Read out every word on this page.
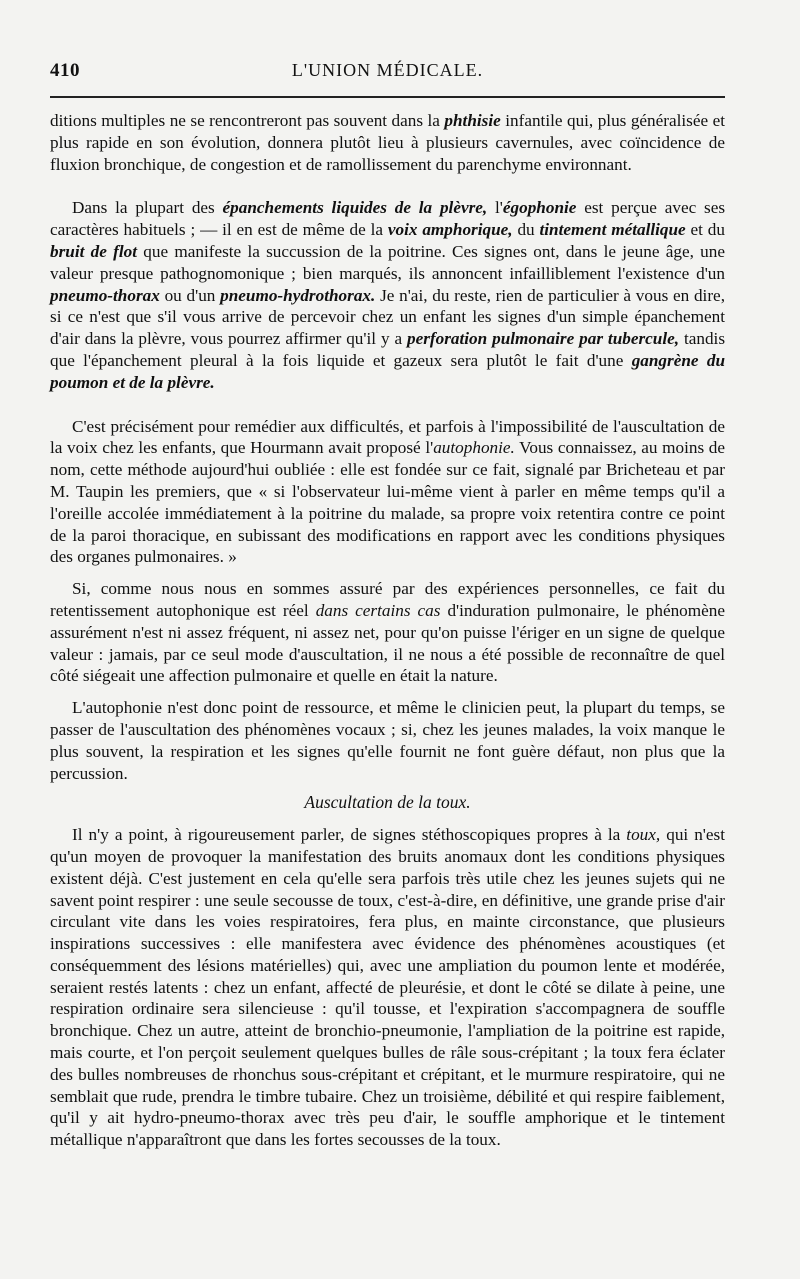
410	L'UNION MÉDICALE.

ditions multiples ne se rencontreront pas souvent dans la phthisie infantile qui, plus généralisée et plus rapide en son évolution, donnera plutôt lieu à plusieurs cavernules, avec coïncidence de fluxion bronchique, de congestion et de ramollissement du parenchyme environnant.

Dans la plupart des épanchements liquides de la plèvre, l'égophonie est perçue avec ses caractères habituels ; — il en est de même de la voix amphorique, du tintement métallique et du bruit de flot que manifeste la succussion de la poitrine. Ces signes ont, dans le jeune âge, une valeur presque pathognomonique ; bien marqués, ils annoncent infailliblement l'existence d'un pneumo-thorax ou d'un pneumo-hydrothorax. Je n'ai, du reste, rien de particulier à vous en dire, si ce n'est que s'il vous arrive de percevoir chez un enfant les signes d'un simple épanchement d'air dans la plèvre, vous pourrez affirmer qu'il y a perforation pulmonaire par tubercule, tandis que l'épanchement pleural à la fois liquide et gazeux sera plutôt le fait d'une gangrène du poumon et de la plèvre.

C'est précisément pour remédier aux difficultés, et parfois à l'impossibilité de l'auscultation de la voix chez les enfants, que Hourmann avait proposé l'autophonie. Vous connaissez, au moins de nom, cette méthode aujourd'hui oubliée : elle est fondée sur ce fait, signalé par Bricheteau et par M. Taupin les premiers, que « si l'observateur lui-même vient à parler en même temps qu'il a l'oreille accolée immédiatement à la poitrine du malade, sa propre voix retentira contre ce point de la paroi thoracique, en subissant des modifications en rapport avec les conditions physiques des organes pulmonaires. »

Si, comme nous nous en sommes assuré par des expériences personnelles, ce fait du retentissement autophonique est réel dans certains cas d'induration pulmonaire, le phénomène assurément n'est ni assez fréquent, ni assez net, pour qu'on puisse l'ériger en un signe de quelque valeur : jamais, par ce seul mode d'auscultation, il ne nous a été possible de reconnaître de quel côté siégeait une affection pulmonaire et quelle en était la nature.

L'autophonie n'est donc point de ressource, et même le clinicien peut, la plupart du temps, se passer de l'auscultation des phénomènes vocaux ; si, chez les jeunes malades, la voix manque le plus souvent, la respiration et les signes qu'elle fournit ne font guère défaut, non plus que la percussion.

Auscultation de la toux.

Il n'y a point, à rigoureusement parler, de signes stéthoscopiques propres à la toux, qui n'est qu'un moyen de provoquer la manifestation des bruits anomaux dont les conditions physiques existent déjà. C'est justement en cela qu'elle sera parfois très utile chez les jeunes sujets qui ne savent point respirer : une seule secousse de toux, c'est-à-dire, en définitive, une grande prise d'air circulant vite dans les voies respiratoires, fera plus, en mainte circonstance, que plusieurs inspirations successives : elle manifestera avec évidence des phénomènes acoustiques (et conséquemment des lésions matérielles) qui, avec une ampliation du poumon lente et modérée, seraient restés latents : chez un enfant, affecté de pleurésie, et dont le côté se dilate à peine, une respiration ordinaire sera silencieuse : qu'il tousse, et l'expiration s'accompagnera de souffle bronchique. Chez un autre, atteint de bronchio-pneumonie, l'ampliation de la poitrine est rapide, mais courte, et l'on perçoit seulement quelques bulles de râle sous-crépitant ; la toux fera éclater des bulles nombreuses de rhonchus sous-crépitant et crépitant, et le murmure respiratoire, qui ne semblait que rude, prendra le timbre tubaire. Chez un troisième, débilité et qui respire faiblement, qu'il y ait hydro-pneumo-thorax avec très peu d'air, le souffle amphorique et le tintement métallique n'apparaîtront que dans les fortes secousses de la toux.
